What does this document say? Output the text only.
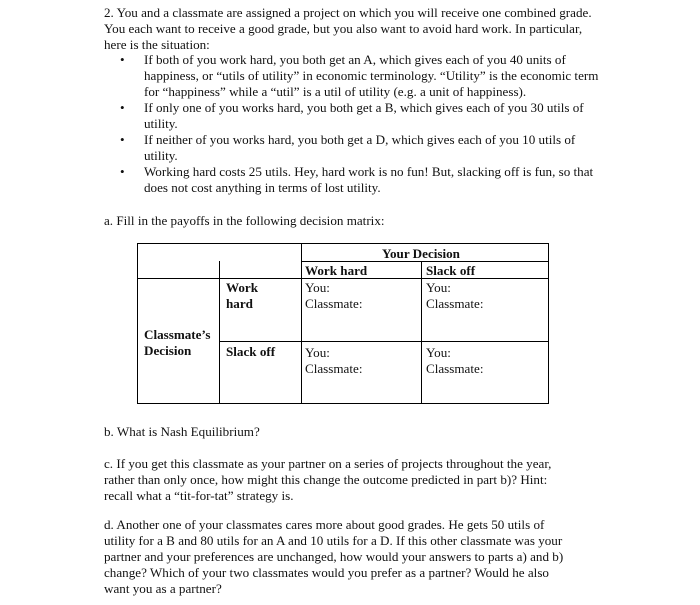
2. You and a classmate are assigned a project on which you will receive one combined grade. You each want to receive a good grade, but you also want to avoid hard work. In particular, here is the situation:

• If both of you work hard, you both get an A, which gives each of you 40 units of happiness, or “utils of utility” in economic terminology. “Utility” is the economic term for “happiness” while a “util” is a util of utility (e.g. a unit of happiness).
• If only one of you works hard, you both get a B, which gives each of you 30 utils of utility.
• If neither of you works hard, you both get a D, which gives each of you 10 utils of utility.
• Working hard costs 25 utils. Hey, hard work is no fun! But, slacking off is fun, so that does not cost anything in terms of lost utility.

a. Fill in the payoffs in the following decision matrix:

Your Decision
Work hard	Slack off
Work
hard
Classmate’s
Decision	Slack off
You:
Classmate:
You:
Classmate:
You:
Classmate:
You:
Classmate:

b. What is Nash Equilibrium?

c. If you get this classmate as your partner on a series of projects throughout the year, rather than only once, how might this change the outcome predicted in part b)? Hint: recall what a “tit-for-tat” strategy is.

d. Another one of your classmates cares more about good grades. He gets 50 utils of utility for a B and 80 utils for an A and 10 utils for a D. If this other classmate was your partner and your preferences are unchanged, how would your answers to parts a) and b) change? Which of your two classmates would you prefer as a partner? Would he also want you as a partner?
